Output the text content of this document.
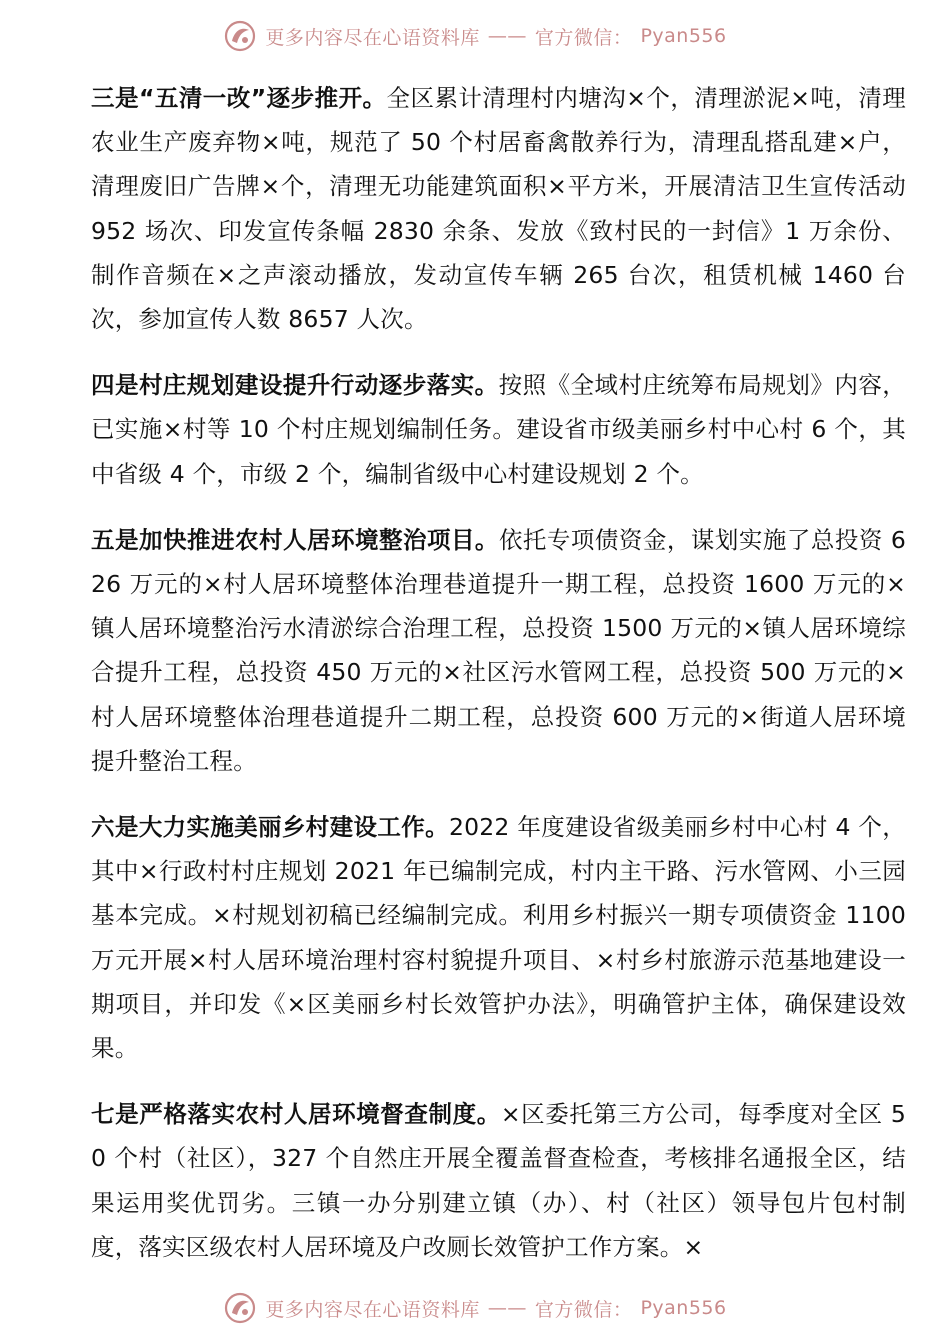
更多内容尽在心语资料库 —— 官方微信： Pyan556

三是“五清一改”逐步推开。全区累计清理村内塘沟×个，清理淤泥×吨，清理农业生产废弃物×吨，规范了 50 个村居畜禽散养行为，清理乱搭乱建×户，清理废旧广告牌×个，清理无功能建筑面积×平方米，开展清洁卫生宣传活动 952 场次、印发宣传条幅 2830 余条、发放《致村民的一封信》1 万余份、制作音频在×之声滚动播放，发动宣传车辆 265 台次，租赁机械 1460 台次，参加宣传人数 8657 人次。

四是村庄规划建设提升行动逐步落实。按照《全域村庄统筹布局规划》内容，已实施×村等 10 个村庄规划编制任务。建设省市级美丽乡村中心村 6 个，其中省级 4 个，市级 2 个，编制省级中心村建设规划 2 个。

五是加快推进农村人居环境整治项目。依托专项债资金，谋划实施了总投资 626 万元的×村人居环境整体治理巷道提升一期工程，总投资 1600 万元的×镇人居环境整治污水清淤综合治理工程，总投资 1500 万元的×镇人居环境综合提升工程，总投资 450 万元的×社区污水管网工程，总投资 500 万元的×村人居环境整体治理巷道提升二期工程，总投资 600 万元的×街道人居环境提升整治工程。

六是大力实施美丽乡村建设工作。2022 年度建设省级美丽乡村中心村 4 个，其中×行政村村庄规划 2021 年已编制完成，村内主干路、污水管网、小三园基本完成。×村规划初稿已经编制完成。利用乡村振兴一期专项债资金 1100 万元开展×村人居环境治理村容村貌提升项目、×村乡村旅游示范基地建设一期项目，并印发《×区美丽乡村长效管护办法》，明确管护主体，确保建设效果。

七是严格落实农村人居环境督查制度。×区委托第三方公司，每季度对全区 50 个村（社区），327 个自然庄开展全覆盖督查检查，考核排名通报全区，结果运用奖优罚劣。三镇一办分别建立镇（办）、村（社区）领导包片包村制度，落实区级农村人居环境及户改厕长效管护工作方案。×

更多内容尽在心语资料库 —— 官方微信： Pyan556
